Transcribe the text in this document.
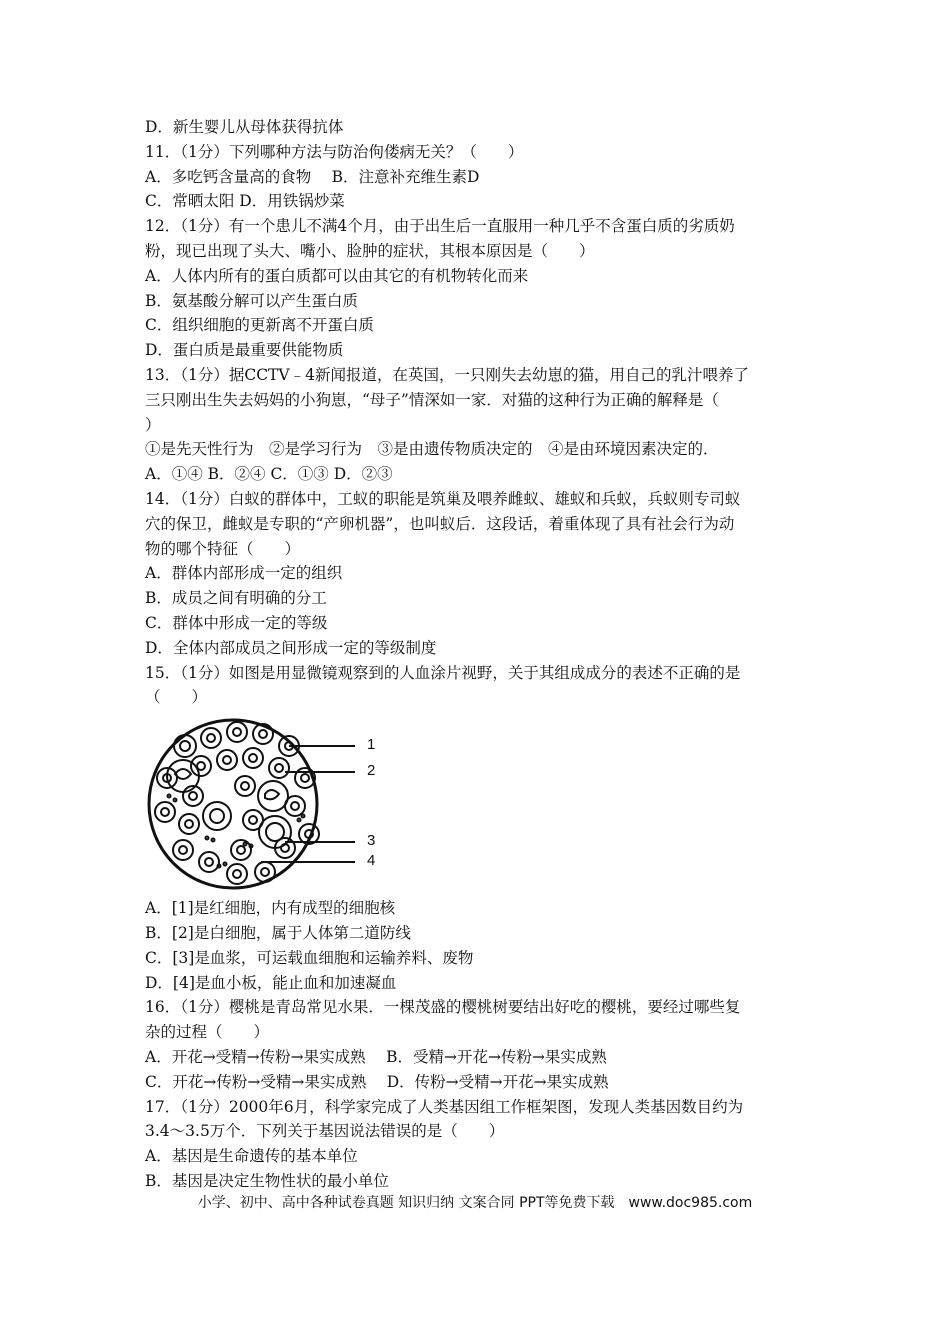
D．新生婴儿从母体获得抗体
11．（1分）下列哪种方法与防治佝偻病无关？（　　）
A．多吃钙含量高的食物　 B．注意补充维生素D
C．常晒太阳 D．用铁锅炒菜
12．（1分）有一个患儿不满4个月，由于出生后一直服用一种几乎不含蛋白质的劣质奶
粉，现已出现了头大、嘴小、脸肿的症状，其根本原因是（　　）
A．人体内所有的蛋白质都可以由其它的有机物转化而来
B．氨基酸分解可以产生蛋白质
C．组织细胞的更新离不开蛋白质
D．蛋白质是最重要供能物质
13．（1分）据CCTV﹣4新闻报道，在英国，一只刚失去幼崽的猫，用自己的乳汁喂养了
三只刚出生失去妈妈的小狗崽，“母子”情深如一家．对猫的这种行为正确的解释是（
）
①是先天性行为　②是学习行为　③是由遗传物质决定的　④是由环境因素决定的．
A．①④ B．②④ C．①③ D．②③
14．（1分）白蚁的群体中，工蚁的职能是筑巢及喂养雌蚁、雄蚁和兵蚁，兵蚁则专司蚁
穴的保卫，雌蚁是专职的“产卵机器”，也叫蚁后．这段话，着重体现了具有社会行为动
物的哪个特征（　　）
A．群体内部形成一定的组织
B．成员之间有明确的分工
C．群体中形成一定的等级
D．全体内部成员之间形成一定的等级制度
15．（1分）如图是用显微镜观察到的人血涂片视野，关于其组成成分的表述不正确的是
（　　）
1
2
3
4
A．[1]是红细胞，内有成型的细胞核
B．[2]是白细胞，属于人体第二道防线
C．[3]是血浆，可运载血细胞和运输养料、废物
D．[4]是血小板，能止血和加速凝血
16．（1分）樱桃是青岛常见水果．一棵茂盛的樱桃树要结出好吃的樱桃，要经过哪些复
杂的过程（　　）
A．开花→受精→传粉→果实成熟　 B．受精→开花→传粉→果实成熟
C．开花→传粉→受精→果实成熟　 D．传粉→受精→开花→果实成熟
17．（1分）2000年6月，科学家完成了人类基因组工作框架图，发现人类基因数目约为
3.4～3.5万个．下列关于基因说法错误的是（　　）
A．基因是生命遗传的基本单位
B．基因是决定生物性状的最小单位
小学、初中、高中各种试卷真题 知识归纳 文案合同 PPT等免费下载　www.doc985.com
